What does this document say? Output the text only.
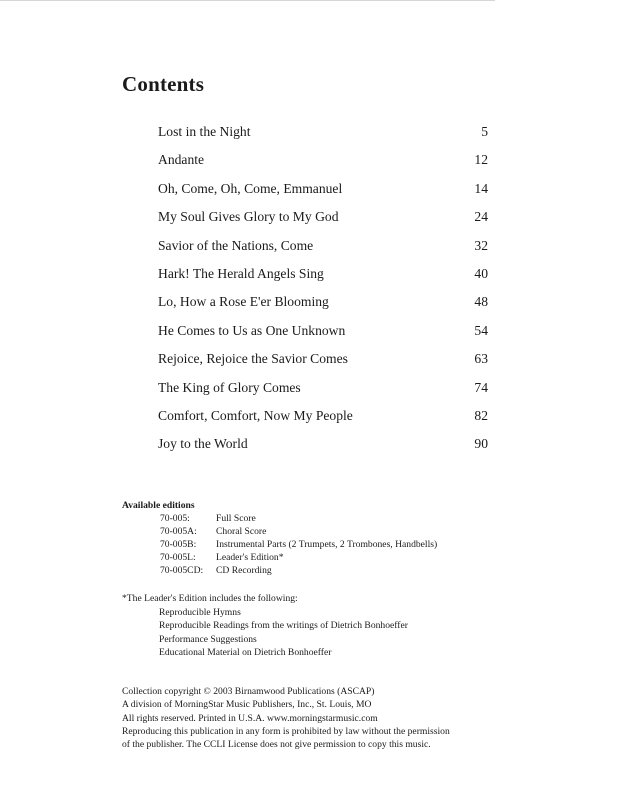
Contents
Lost in the Night	5
Andante	12
Oh, Come, Oh, Come, Emmanuel	14
My Soul Gives Glory to My God	24
Savior of the Nations, Come	32
Hark! The Herald Angels Sing	40
Lo, How a Rose E'er Blooming	48
He Comes to Us as One Unknown	54
Rejoice, Rejoice the Savior Comes	63
The King of Glory Comes	74
Comfort, Comfort, Now My People	82
Joy to the World	90
Available editions
70-005:	Full Score
70-005A:	Choral Score
70-005B:	Instrumental Parts (2 Trumpets, 2 Trombones, Handbells)
70-005L:	Leader's Edition*
70-005CD:	CD Recording
*The Leader's Edition includes the following:
Reproducible Hymns
Reproducible Readings from the writings of Dietrich Bonhoeffer
Performance Suggestions
Educational Material on Dietrich Bonhoeffer
Collection copyright © 2003 Birnamwood Publications (ASCAP)
A division of MorningStar Music Publishers, Inc., St. Louis, MO
All rights reserved. Printed in U.S.A. www.morningstarmusic.com
Reproducing this publication in any form is prohibited by law without the permission
of the publisher. The CCLI License does not give permission to copy this music.
